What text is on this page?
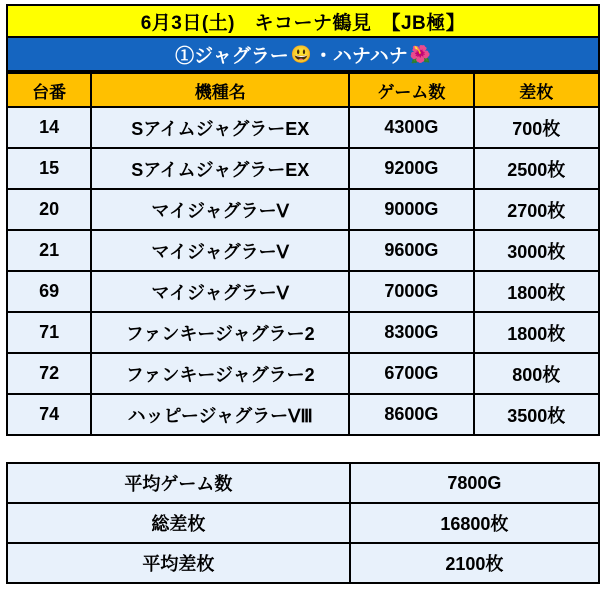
6月3日(土)　キコーナ鶴見　【JB極】
①ジャグラー 😃 ・ハナハナ 🌺
台番	機種名	ゲーム数	差枚
14	SアイムジャグラーEX	4300G	700枚
15	SアイムジャグラーEX	9200G	2500枚
20	マイジャグラーⅤ	9000G	2700枚
21	マイジャグラーⅤ	9600G	3000枚
69	マイジャグラーⅤ	7000G	1800枚
71	ファンキージャグラー2	8300G	1800枚
72	ファンキージャグラー2	6700G	800枚
74	ハッピージャグラーⅤⅢ	8600G	3500枚
平均ゲーム数	7800G
総差枚	16800枚
平均差枚	2100枚
